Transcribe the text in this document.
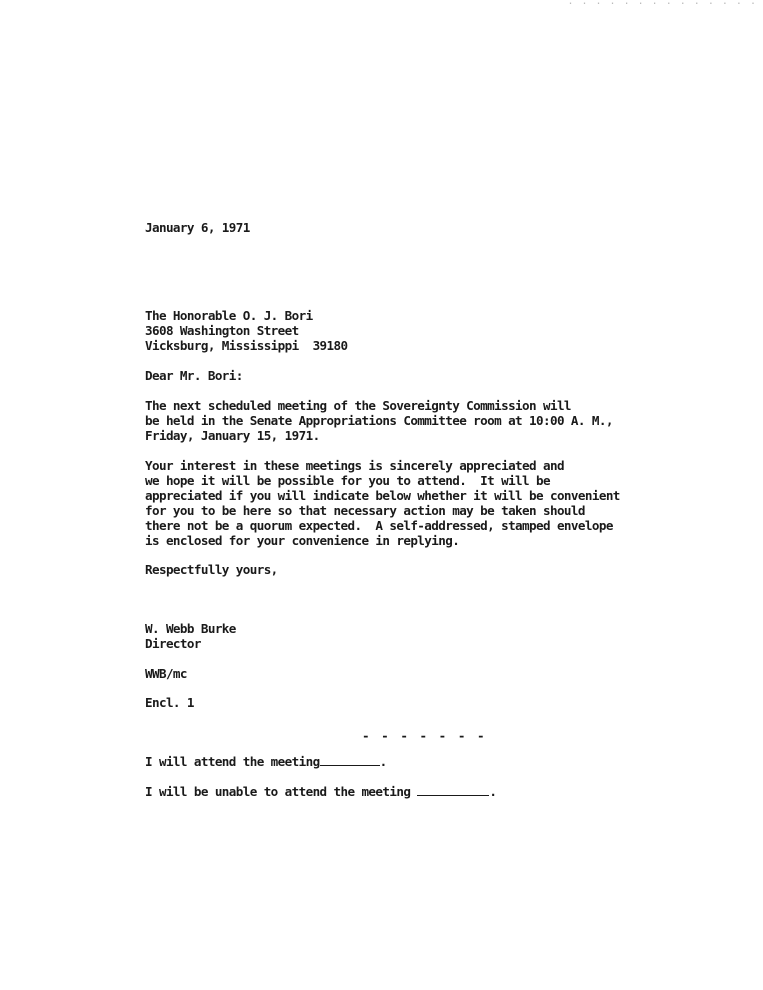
. . . . . . . . . . . . . .
January 6, 1971
The Honorable O. J. Bori
3608 Washington Street
Vicksburg, Mississippi  39180
Dear Mr. Bori:
The next scheduled meeting of the Sovereignty Commission will
be held in the Senate Appropriations Committee room at 10:00 A. M.,
Friday, January 15, 1971.
Your interest in these meetings is sincerely appreciated and
we hope it will be possible for you to attend.  It will be
appreciated if you will indicate below whether it will be convenient
for you to be here so that necessary action may be taken should
there not be a quorum expected.  A self-addressed, stamped envelope
is enclosed for your convenience in replying.
Respectfully yours,
W. Webb Burke
Director
WWB/mc
Encl. 1
- - - - - - -
I will attend the meeting	.
I will be unable to attend the meeting	.
